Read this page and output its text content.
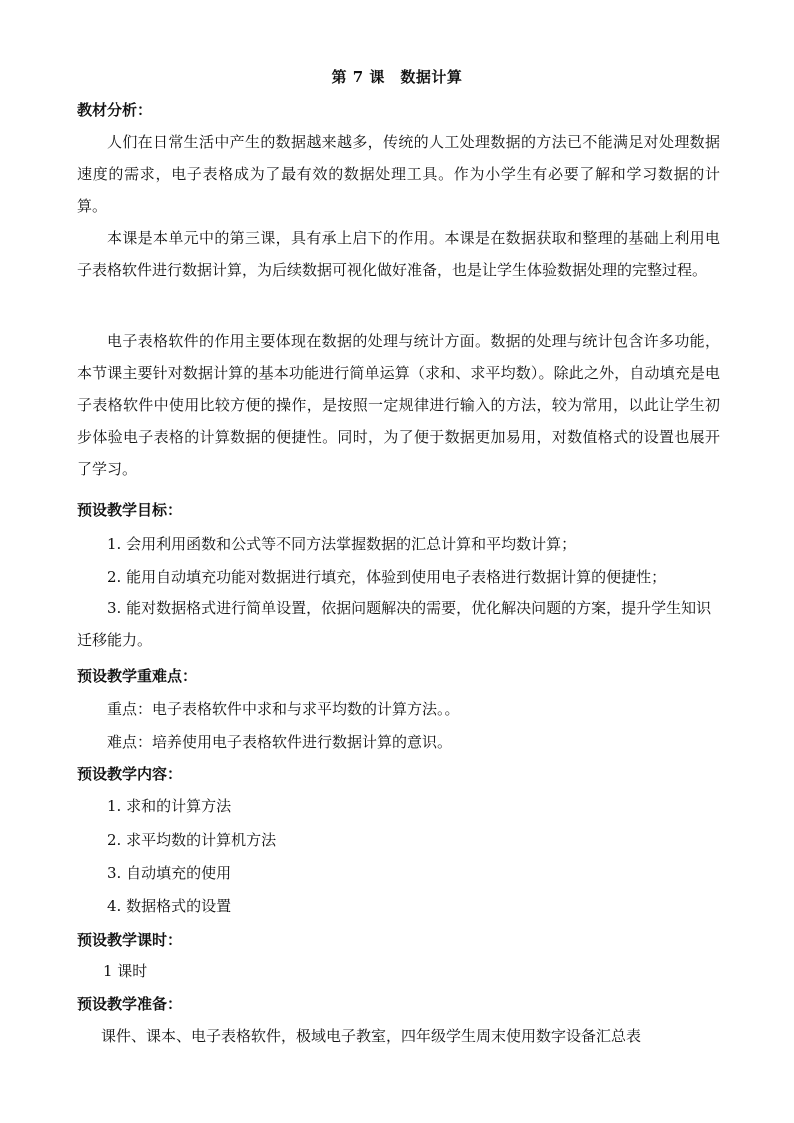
第 7 课　数据计算
教材分析：

人们在日常生活中产生的数据越来越多，传统的人工处理数据的方法已不能满足对处理数据速度的需求，电子表格成为了最有效的数据处理工具。作为小学生有必要了解和学习数据的计算。

本课是本单元中的第三课，具有承上启下的作用。本课是在数据获取和整理的基础上利用电子表格软件进行数据计算，为后续数据可视化做好准备，也是让学生体验数据处理的完整过程。

电子表格软件的作用主要体现在数据的处理与统计方面。数据的处理与统计包含许多功能，本节课主要针对数据计算的基本功能进行简单运算（求和、求平均数）。除此之外，自动填充是电子表格软件中使用比较方便的操作，是按照一定规律进行输入的方法，较为常用，以此让学生初步体验电子表格的计算数据的便捷性。同时，为了便于数据更加易用，对数值格式的设置也展开了学习。

预设教学目标：
1. 会用利用函数和公式等不同方法掌握数据的汇总计算和平均数计算；
2. 能用自动填充功能对数据进行填充，体验到使用电子表格进行数据计算的便捷性；

3. 能对数据格式进行简单设置，依据问题解决的需要，优化解决问题的方案，提升学生知识迁移能力。

预设教学重难点：
重点：电子表格软件中求和与求平均数的计算方法。。
难点：培养使用电子表格软件进行数据计算的意识。
预设教学内容：
1. 求和的计算方法
2. 求平均数的计算机方法
3. 自动填充的使用
4. 数据格式的设置
预设教学课时：
1 课时
预设教学准备：
课件、课本、电子表格软件，极域电子教室，四年级学生周末使用数字设备汇总表
